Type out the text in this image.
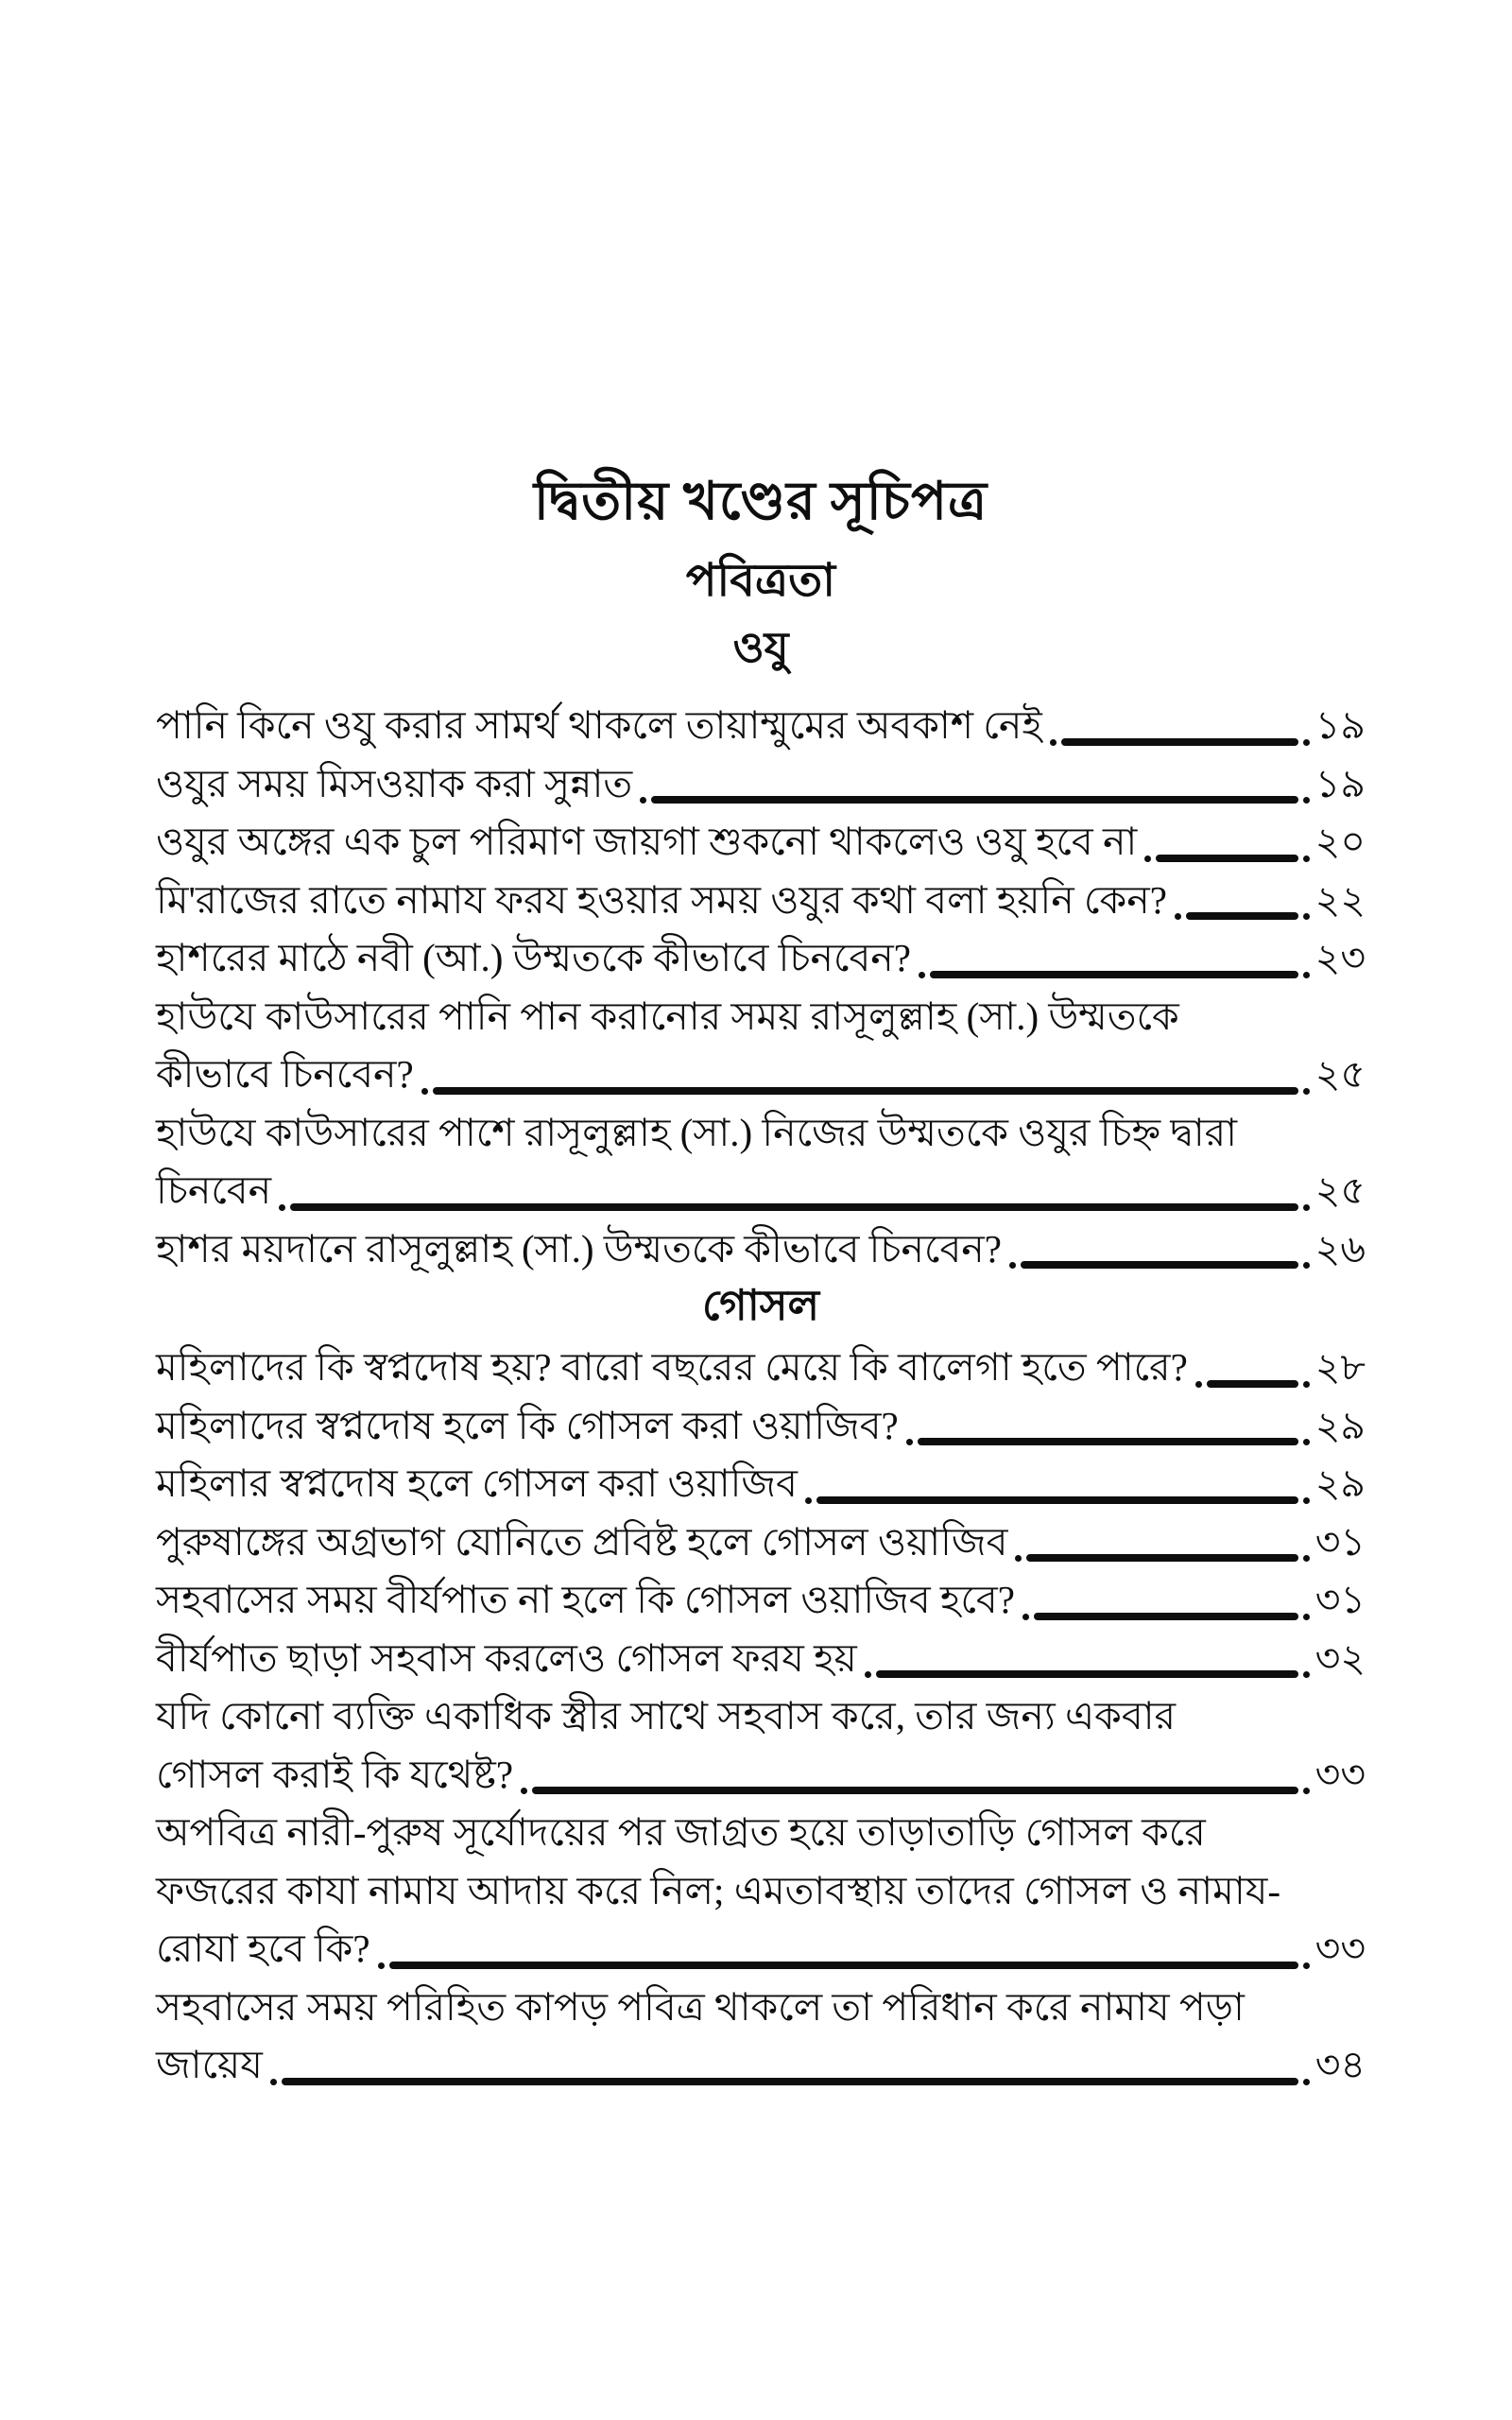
দ্বিতীয় খণ্ডের সূচিপত্র
পবিত্রতা
ওযু
পানি কিনে ওযু করার সামর্থ থাকলে তায়াম্মুমের অবকাশ নেই	১৯
ওযুর সময় মিসওয়াক করা সুন্নাত	১৯
ওযুর অঙ্গের এক চুল পরিমাণ জায়গা শুকনো থাকলেও ওযু হবে না	২০
মি'রাজের রাতে নামায ফরয হওয়ার সময় ওযুর কথা বলা হয়নি কেন?	২২
হাশরের মাঠে নবী (আ.) উম্মতকে কীভাবে চিনবেন?	২৩
হাউযে কাউসারের পানি পান করানোর সময় রাসূলুল্লাহ (সা.) উম্মতকে
কীভাবে চিনবেন?	২৫
হাউযে কাউসারের পাশে রাসূলুল্লাহ (সা.) নিজের উম্মতকে ওযুর চিহ্ন দ্বারা
চিনবেন	২৫
হাশর ময়দানে রাসূলুল্লাহ (সা.) উম্মতকে কীভাবে চিনবেন?	২৬
গোসল
মহিলাদের কি স্বপ্নদোষ হয়? বারো বছরের মেয়ে কি বালেগা হতে পারে?	২৮
মহিলাদের স্বপ্নদোষ হলে কি গোসল করা ওয়াজিব?	২৯
মহিলার স্বপ্নদোষ হলে গোসল করা ওয়াজিব	২৯
পুরুষাঙ্গের অগ্রভাগ যোনিতে প্রবিষ্ট হলে গোসল ওয়াজিব	৩১
সহবাসের সময় বীর্যপাত না হলে কি গোসল ওয়াজিব হবে?	৩১
বীর্যপাত ছাড়া সহবাস করলেও গোসল ফরয হয়	৩২
যদি কোনো ব্যক্তি একাধিক স্ত্রীর সাথে সহবাস করে, তার জন্য একবার
গোসল করাই কি যথেষ্ট?	৩৩
অপবিত্র নারী-পুরুষ সূর্যোদয়ের পর জাগ্রত হয়ে তাড়াতাড়ি গোসল করে
ফজরের কাযা নামায আদায় করে নিল; এমতাবস্থায় তাদের গোসল ও নামায-
রোযা হবে কি?	৩৩
সহবাসের সময় পরিহিত কাপড় পবিত্র থাকলে তা পরিধান করে নামায পড়া
জায়েয	৩৪
